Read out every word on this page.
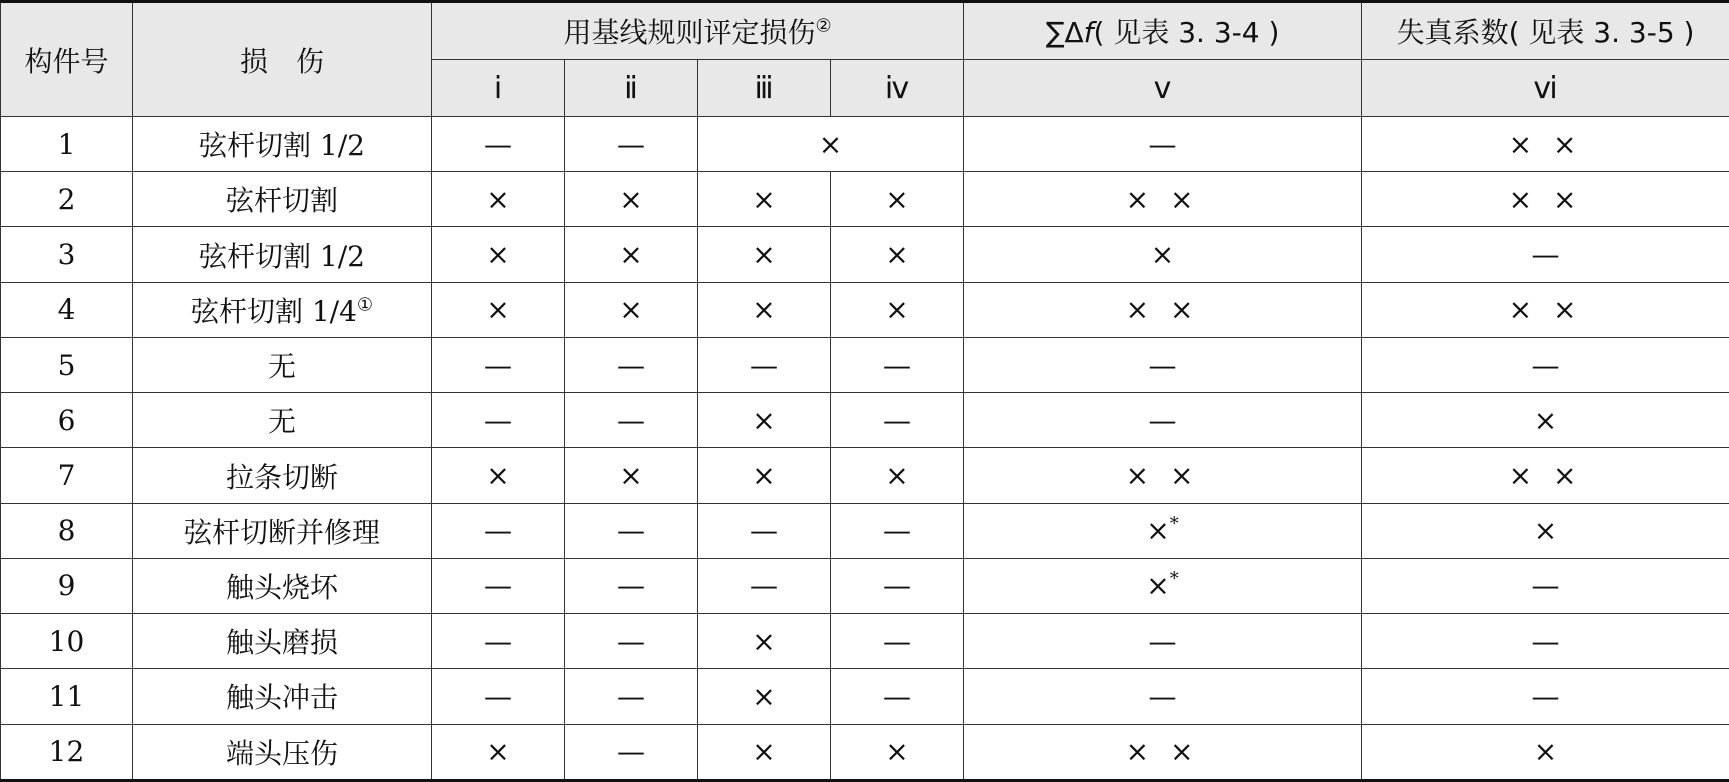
构件号	损　伤	用基线规则评定损伤②				∑Δf( 见表 3. 3-4 )	失真系数( 见表 3. 3-5 )
		ⅰ	ⅱ	ⅲ	ⅳ	ⅴ	ⅵ
1	弦杆切割 1/2	—	—	×		—	× ×
2	弦杆切割	×	×	×	×	× ×	× ×
3	弦杆切割 1/2	×	×	×	×	×	—
4	弦杆切割 1/4①	×	×	×	×	× ×	× ×
5	无	—	—	—	—	—	—
6	无	—	—	×	—	—	×
7	拉条切断	×	×	×	×	× ×	× ×
8	弦杆切断并修理	—	—	—	—	×*	×
9	触头烧坏	—	—	—	—	×*	—
10	触头磨损	—	—	×	—	—	—
11	触头冲击	—	—	×	—	—	—
12	端头压伤	×	—	×	×	× ×	×
